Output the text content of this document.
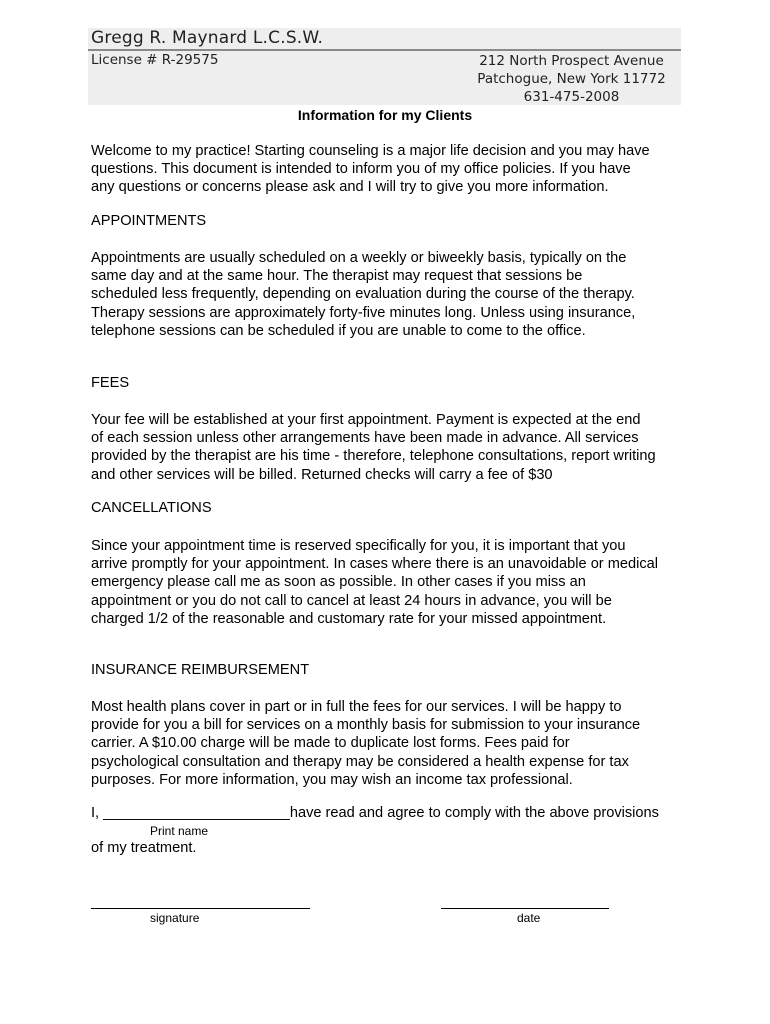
Gregg R. Maynard L.C.S.W.
License # R-29575	212 North Prospect Avenue
Patchogue, New York 11772
631-475-2008
Information for my Clients
Welcome to my practice! Starting counseling is a major life decision and you may have
questions. This document is intended to inform you of my office policies. If you have
any questions or concerns please ask and I will try to give you more information.
APPOINTMENTS
Appointments are usually scheduled on a weekly or biweekly basis, typically on the
same day and at the same hour. The therapist may request that sessions be
scheduled less frequently, depending on evaluation during the course of the therapy.
Therapy sessions are approximately forty-five minutes long. Unless using insurance,
telephone sessions can be scheduled if you are unable to come to the office.
FEES
Your fee will be established at your first appointment. Payment is expected at the end
of each session unless other arrangements have been made in advance. All services
provided by the therapist are his time - therefore, telephone consultations, report writing
and other services will be billed. Returned checks will carry a fee of $30
CANCELLATIONS
Since your appointment time is reserved specifically for you, it is important that you
arrive promptly for your appointment. In cases where there is an unavoidable or medical
emergency please call me as soon as possible. In other cases if you miss an
appointment or you do not call to cancel at least 24 hours in advance, you will be
charged 1/2 of the reasonable and customary rate for your missed appointment.
INSURANCE REIMBURSEMENT
Most health plans cover in part or in full the fees for our services. I will be happy to
provide for you a bill for services on a monthly basis for submission to your insurance
carrier. A $10.00 charge will be made to duplicate lost forms. Fees paid for
psychological consultation and therapy may be considered a health expense for tax
purposes. For more information, you may wish an income tax professional.
I, _______________________have read and agree to comply with the above provisions
Print name
of my treatment.
signature	date
